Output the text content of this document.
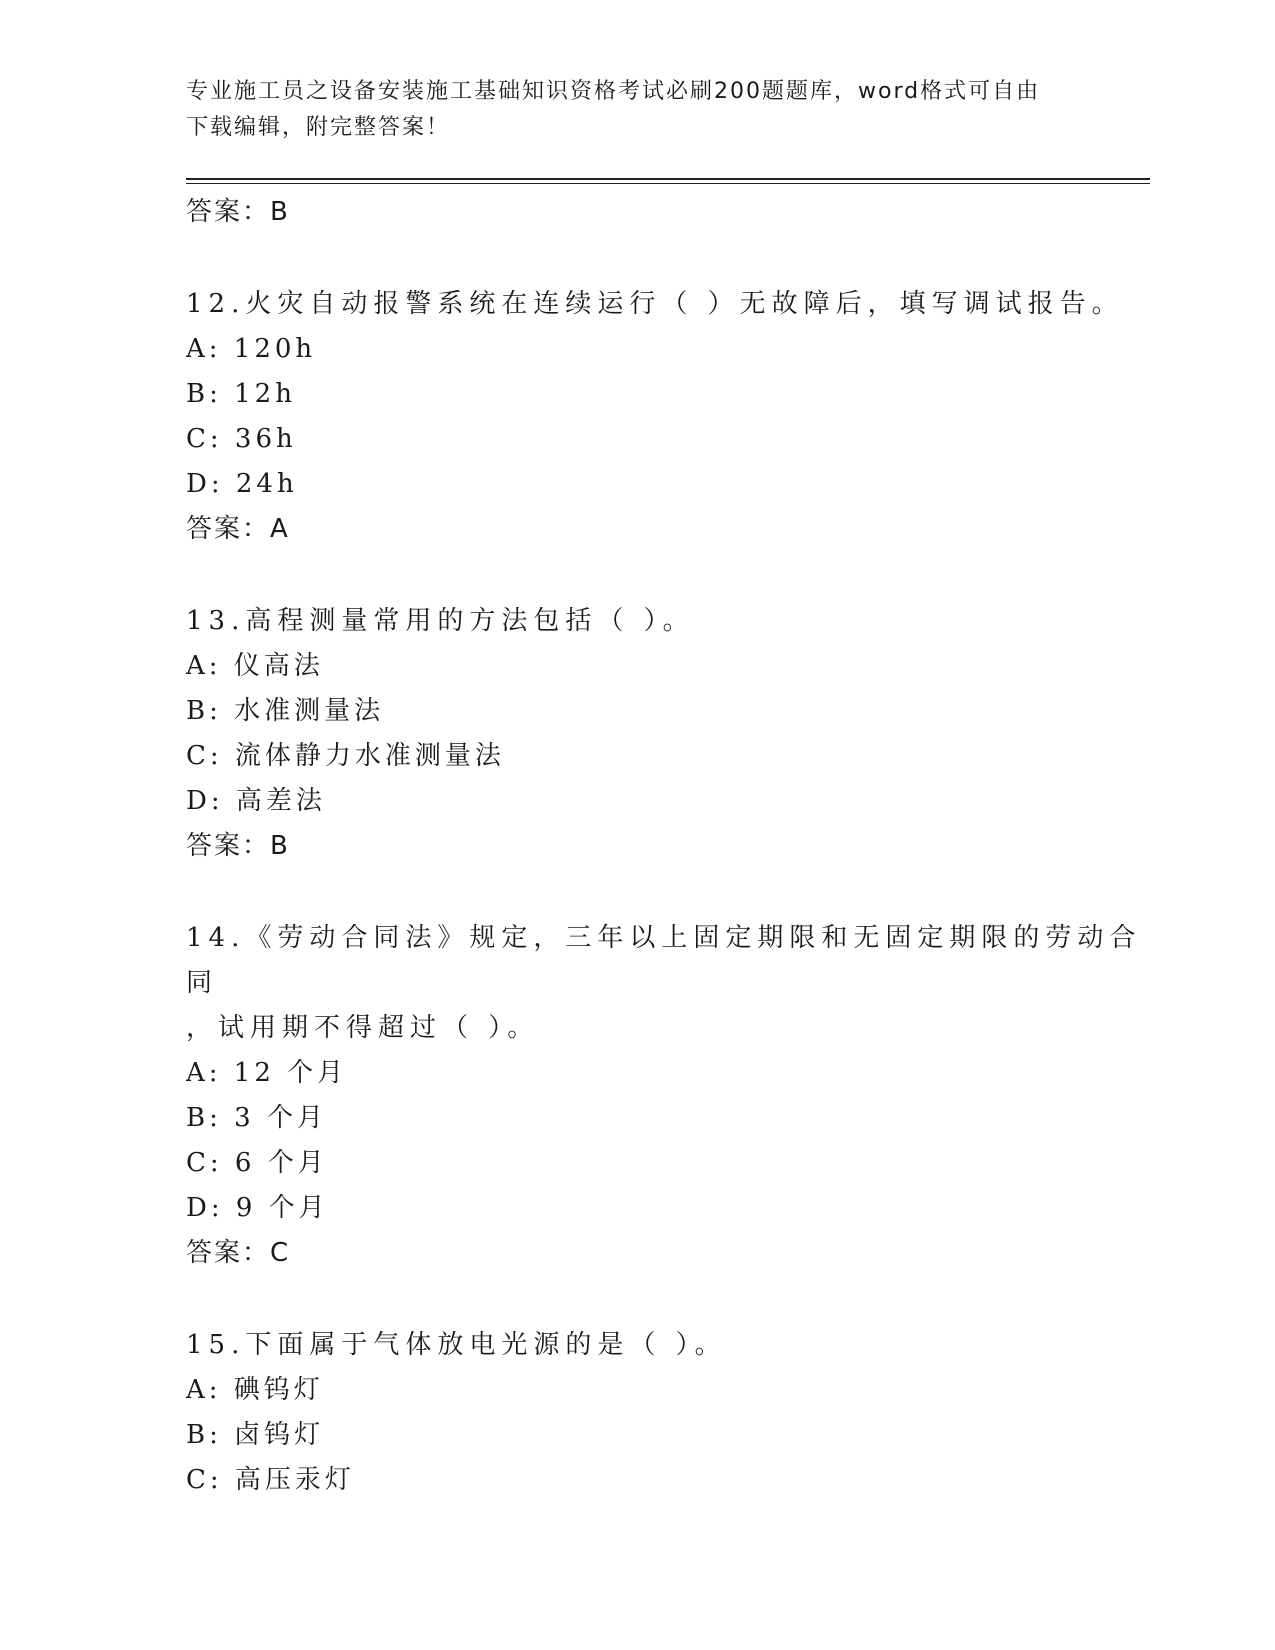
专业施工员之设备安装施工基础知识资格考试必刷200题题库，word格式可自由
下载编辑，附完整答案！
答案：B
12.火灾自动报警系统在连续运行（ ）无故障后，填写调试报告。
A: 120h
B: 12h
C: 36h
D: 24h
答案：A
13.高程测量常用的方法包括（ ）。
A: 仪高法
B: 水准测量法
C: 流体静力水准测量法
D: 高差法
答案：B
14.《劳动合同法》规定，三年以上固定期限和无固定期限的劳动合同
，试用期不得超过（ ）。
A: 12 个月
B: 3 个月
C: 6 个月
D: 9 个月
答案：C
15.下面属于气体放电光源的是（ ）。
A: 碘钨灯
B: 卤钨灯
C: 高压汞灯
